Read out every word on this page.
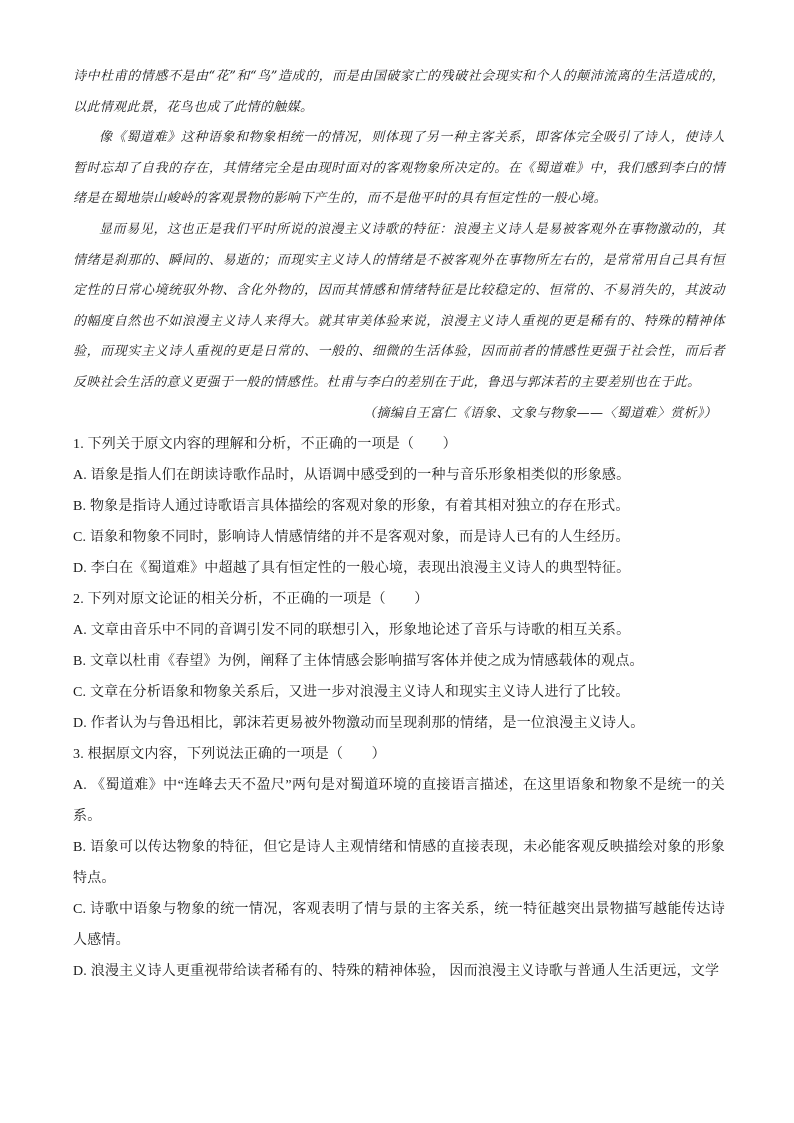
诗中杜甫的情感不是由“花”和“鸟”造成的，而是由国破家亡的残破社会现实和个人的颠沛流离的生活造成的，以此情观此景，花鸟也成了此情的触媒。

像《蜀道难》这种语象和物象相统一的情况，则体现了另一种主客关系，即客体完全吸引了诗人，使诗人暂时忘却了自我的存在，其情绪完全是由现时面对的客观物象所决定的。在《蜀道难》中，我们感到李白的情绪是在蜀地崇山峻岭的客观景物的影响下产生的，而不是他平时的具有恒定性的一般心境。

显而易见，这也正是我们平时所说的浪漫主义诗歌的特征：浪漫主义诗人是易被客观外在事物激动的，其情绪是刹那的、瞬间的、易逝的；而现实主义诗人的情绪是不被客观外在事物所左右的，是常常用自己具有恒定性的日常心境统驭外物、含化外物的，因而其情感和情绪特征是比较稳定的、恒常的、不易消失的，其波动的幅度自然也不如浪漫主义诗人来得大。就其审美体验来说，浪漫主义诗人重视的更是稀有的、特殊的精神体验，而现实主义诗人重视的更是日常的、一般的、细微的生活体验，因而前者的情感性更强于社会性，而后者反映社会生活的意义更强于一般的情感性。杜甫与李白的差别在于此，鲁迅与郭沫若的主要差别也在于此。

（摘编自王富仁《语象、文象与物象——〈蜀道难〉赏析》）

1. 下列关于原文内容的理解和分析，不正确的一项是（　　）

A. 语象是指人们在朗读诗歌作品时，从语调中感受到的一种与音乐形象相类似的形象感。

B. 物象是指诗人通过诗歌语言具体描绘的客观对象的形象，有着其相对独立的存在形式。

C. 语象和物象不同时，影响诗人情感情绪的并不是客观对象，而是诗人已有的人生经历。

D. 李白在《蜀道难》中超越了具有恒定性的一般心境，表现出浪漫主义诗人的典型特征。

2. 下列对原文论证的相关分析，不正确的一项是（　　）

A. 文章由音乐中不同的音调引发不同的联想引入，形象地论述了音乐与诗歌的相互关系。

B. 文章以杜甫《春望》为例，阐释了主体情感会影响描写客体并使之成为情感载体的观点。

C. 文章在分析语象和物象关系后，又进一步对浪漫主义诗人和现实主义诗人进行了比较。

D. 作者认为与鲁迅相比，郭沫若更易被外物激动而呈现刹那的情绪，是一位浪漫主义诗人。

3. 根据原文内容，下列说法正确的一项是（　　）

A. 《蜀道难》中“连峰去天不盈尺”两句是对蜀道环境的直接语言描述，在这里语象和物象不是统一的关系。

B. 语象可以传达物象的特征，但它是诗人主观情绪和情感的直接表现，未必能客观反映描绘对象的形象特点。

C. 诗歌中语象与物象的统一情况，客观表明了情与景的主客关系，统一特征越突出景物描写越能传达诗人感情。

D. 浪漫主义诗人更重视带给读者稀有的、特殊的精神体验， 因而浪漫主义诗歌与普通人生活更远，文学
